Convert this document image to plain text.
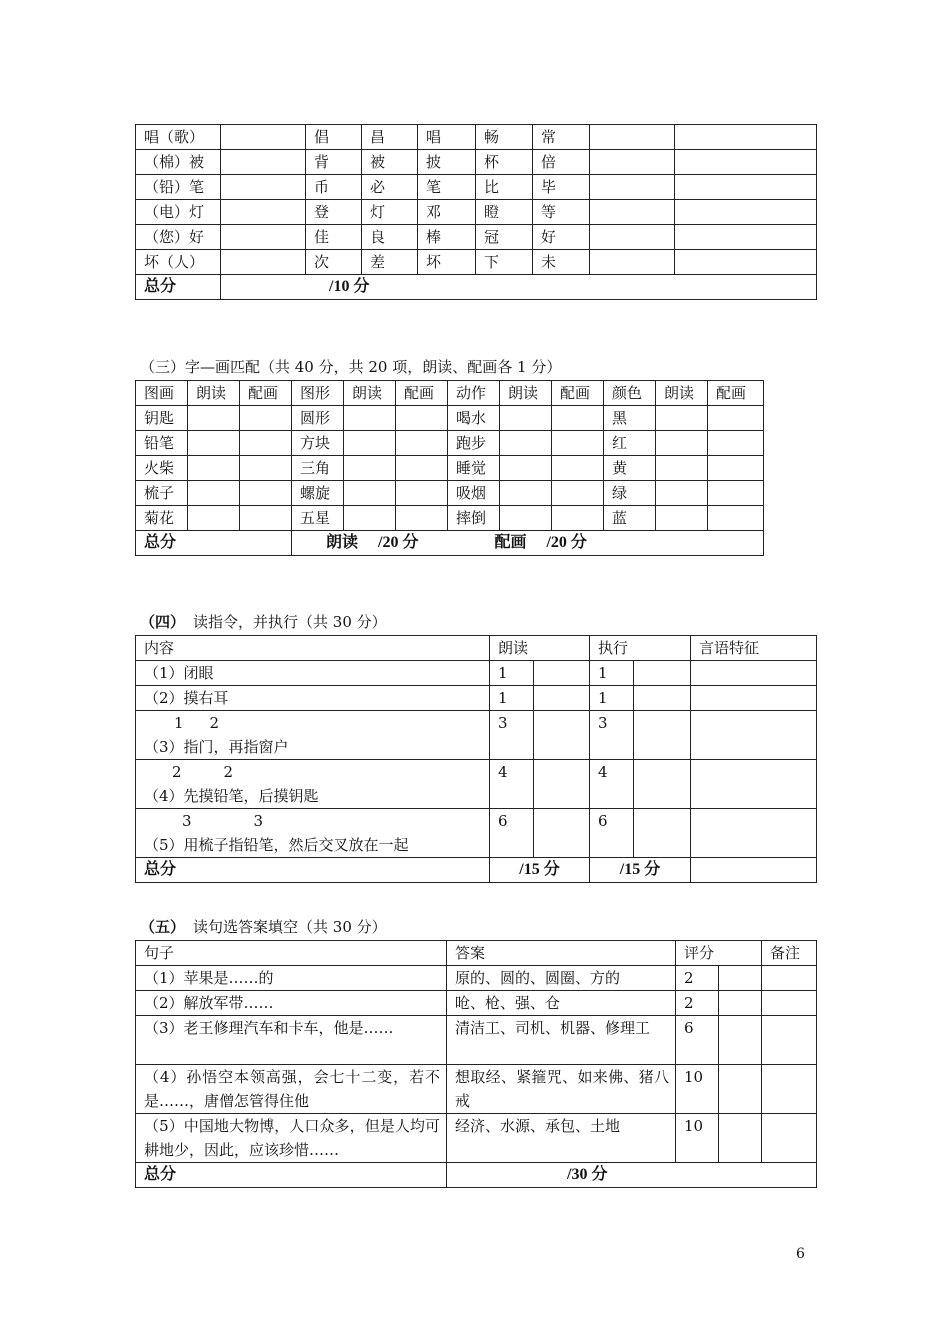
唱（歌）		倡	昌	唱	畅	常		
（棉）被		背	被	披	杯	倍		
（铅）笔		币	必	笔	比	毕		
（电）灯		登	灯	邓	瞪	等		
（您）好		佳	良	棒	冠	好		
坏（人）		次	差	坏	下	未		
总分	/10 分							
（三）字—画匹配（共 40 分，共 20 项，朗读、配画各 1 分）
图画	朗读	配画	图形	朗读	配画	动作	朗读	配画	颜色	朗读	配画
钥匙			圆形			喝水			黑		
铅笔			方块			跑步			红		
火柴			三角			睡觉			黄		
梳子			螺旋			吸烟			绿		
菊花			五星			摔倒			蓝		
总分			朗读 /20 分 配画 /20 分								
（四） 读指令，并执行（共 30 分）
内容	朗读		执行		言语特征
（1）闭眼	1		1		
（2）摸右耳	1		1		

1 2
（3）指门，再指窗户	3		3		

2 2
（4）先摸铅笔，后摸钥匙	4		4		

3 3
（5）用梳子指铅笔，然后交叉放在一起	6		6		
总分	/15 分		/15 分		
（五） 读句选答案填空（共 30 分）
句子	答案	评分		备注
（1）苹果是……的	原的、圆的、圆圈、方的	2		
（2）解放军带……	呛、枪、强、仓	2		
（3）老王修理汽车和卡车，他是……	清洁工、司机、机器、修理工	6		
（4）孙悟空本领高强，会七十二变，若不是……，唐僧怎管得住他	想取经、紧箍咒、如来佛、猪八戒	10		
（5）中国地大物博，人口众多，但是人均可耕地少，因此，应该珍惜……	经济、水源、承包、土地	10		
总分	/30 分			
6
